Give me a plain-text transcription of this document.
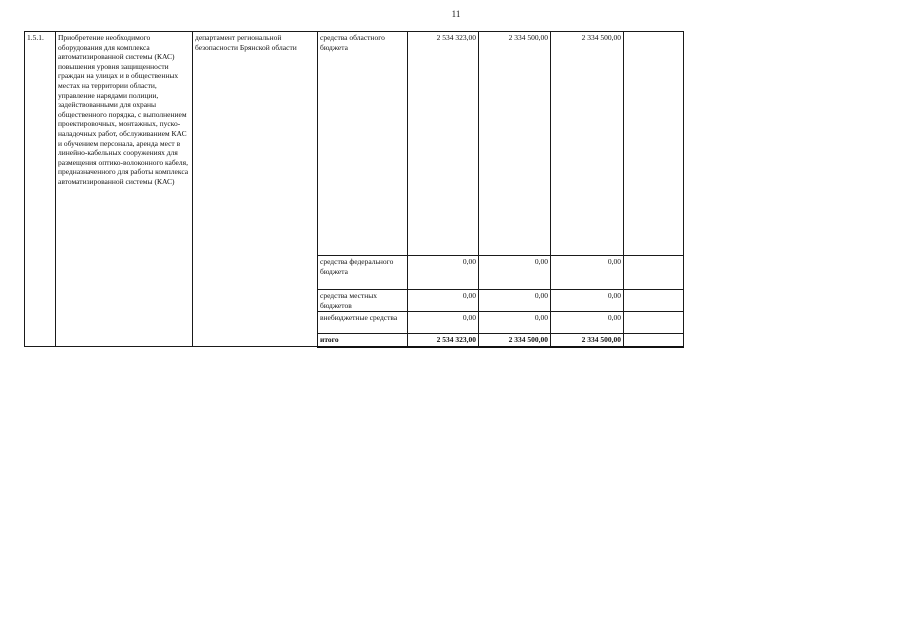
11
1.5.1.	Приобретение необходимого оборудования для комплекса автоматизированной системы (КАС) повышения уровня защищенности граждан на улицах и в общественных местах на территории области, управление нарядами полиции, задействованными для охраны общественного порядка, с выполнением проектировочных, монтажных, пуско-наладочных работ, обслуживанием КАС и обучением персонала, аренда мест в линейно-кабельных сооружениях для размещения оптико-волоконного кабеля, предназначенного для работы комплекса автоматизированной системы (КАС)	департамент региональной безопасности Брянской области	средства областного бюджета	2 534 323,00	2 334 500,00	2 334 500,00	
			средства федерального бюджета	0,00	0,00	0,00	
			средства местных бюджетов	0,00	0,00	0,00	
			внебюджетные средства	0,00	0,00	0,00	
			итого	2 534 323,00	2 334 500,00	2 334 500,00	
